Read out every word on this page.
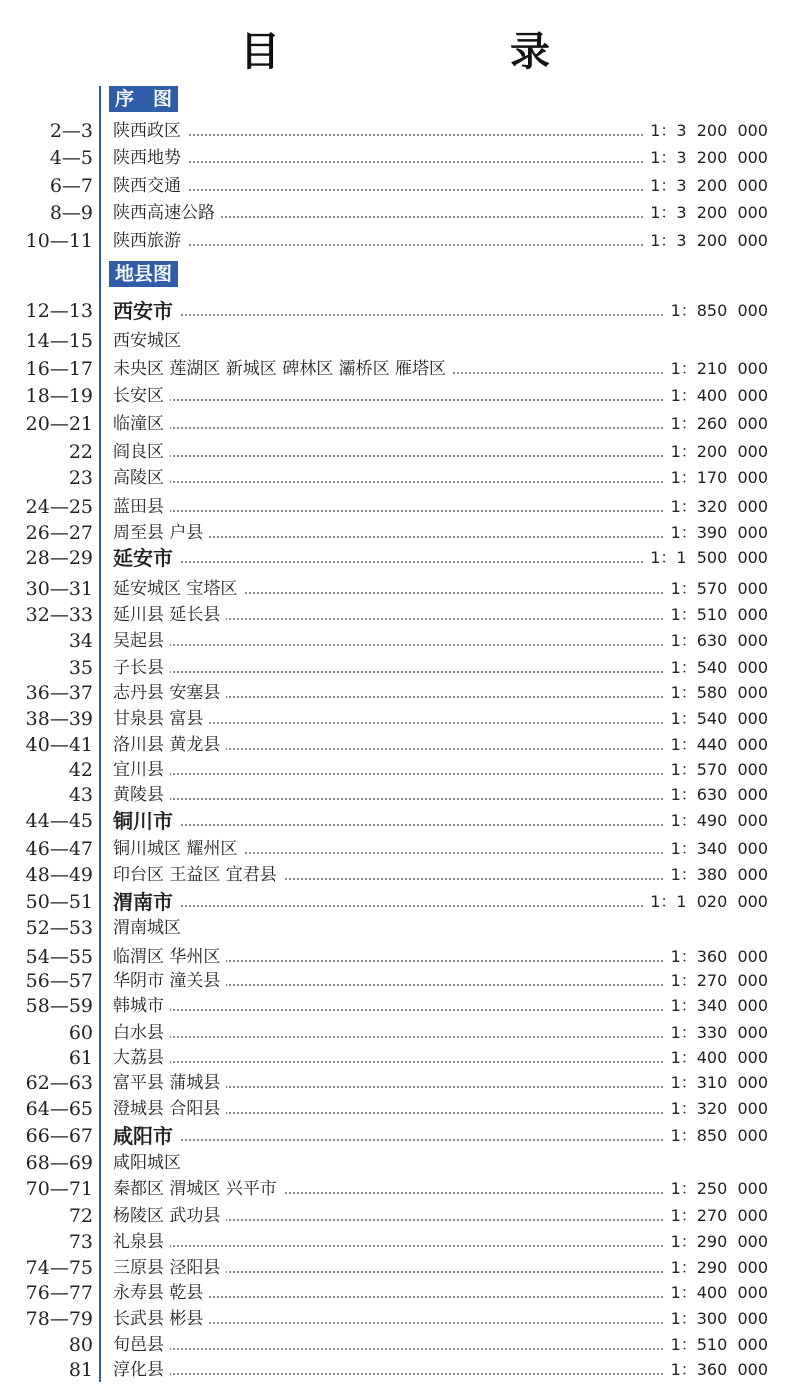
目　录
序　图
地县图
2—3 陕西政区	1：3  200  000
4—5 陕西地势	1：3  200  000
6—7 陕西交通	1：3  200  000
8—9 陕西高速公路	1：3  200  000
10—11 陕西旅游	1：3  200  000
12—13 西安市	1：850  000
14—15 西安城区
16—17 未央区 莲湖区 新城区 碑林区 灞桥区 雁塔区	1：210  000
18—19 长安区	1：400  000
20—21 临潼区	1：260  000
22 阎良区	1：200  000
23 高陵区	1：170  000
24—25 蓝田县	1：320  000
26—27 周至县 户县	1：390  000
28—29 延安市	1：1  500  000
30—31 延安城区 宝塔区	1：570  000
32—33 延川县 延长县	1：510  000
34 吴起县	1：630  000
35 子长县	1：540  000
36—37 志丹县 安塞县	1：580  000
38—39 甘泉县 富县	1：540  000
40—41 洛川县 黄龙县	1：440  000
42 宜川县	1：570  000
43 黄陵县	1：630  000
44—45 铜川市	1：490  000
46—47 铜川城区 耀州区	1：340  000
48—49 印台区 王益区 宜君县	1：380  000
50—51 渭南市	1：1  020  000
52—53 渭南城区
54—55 临渭区 华州区	1：360  000
56—57 华阴市 潼关县	1：270  000
58—59 韩城市	1：340  000
60 白水县	1：330  000
61 大荔县	1：400  000
62—63 富平县 蒲城县	1：310  000
64—65 澄城县 合阳县	1：320  000
66—67 咸阳市	1：850  000
68—69 咸阳城区
70—71 秦都区 渭城区 兴平市	1：250  000
72 杨陵区 武功县	1：270  000
73 礼泉县	1：290  000
74—75 三原县 泾阳县	1：290  000
76—77 永寿县 乾县	1：400  000
78—79 长武县 彬县	1：300  000
80 旬邑县	1：510  000
81 淳化县	1：360  000
